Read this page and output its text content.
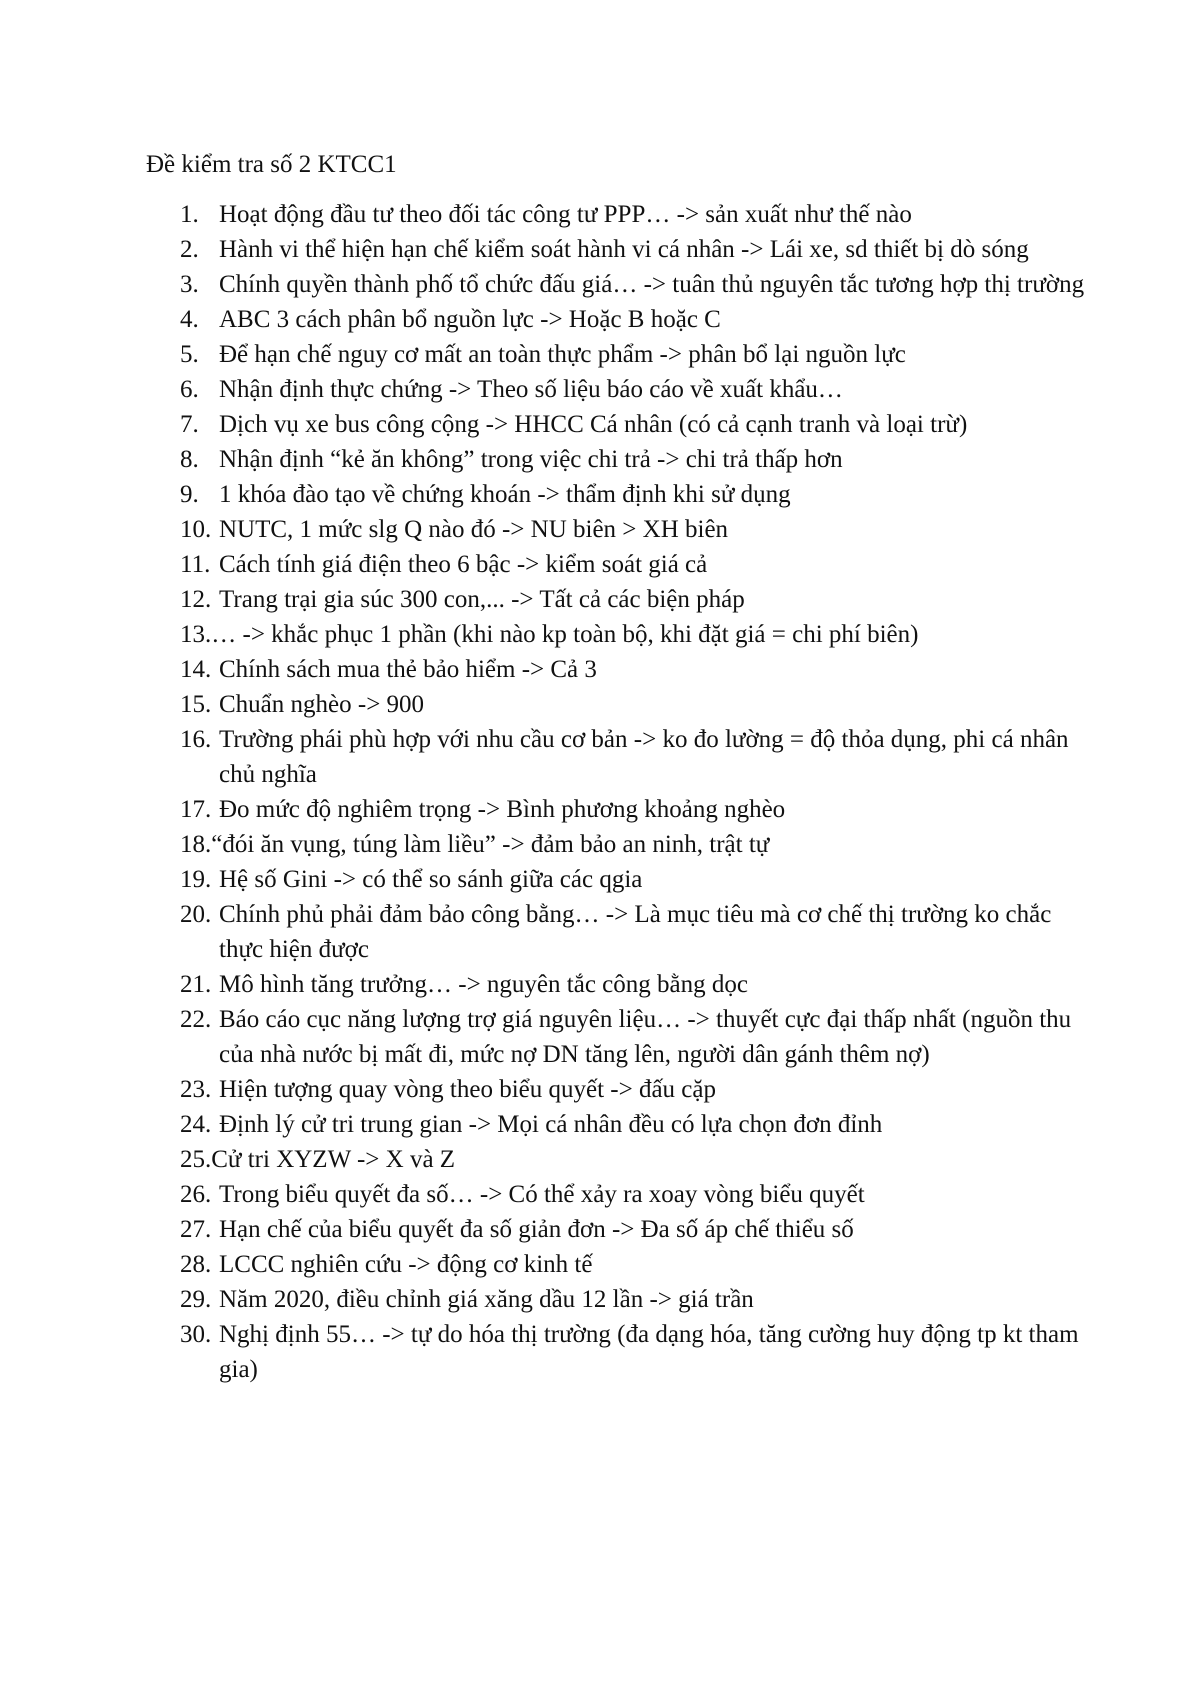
Đề kiểm tra số 2 KTCC1
1. Hoạt động đầu tư theo đối tác công tư PPP… -> sản xuất như thế nào
2. Hành vi thể hiện hạn chế kiểm soát hành vi cá nhân -> Lái xe, sd thiết bị dò sóng
3. Chính quyền thành phố tổ chức đấu giá… -> tuân thủ nguyên tắc tương hợp thị trường
4. ABC 3 cách phân bổ nguồn lực -> Hoặc B hoặc C
5. Để hạn chế nguy cơ mất an toàn thực phẩm -> phân bổ lại nguồn lực
6. Nhận định thực chứng -> Theo số liệu báo cáo về xuất khẩu…
7. Dịch vụ xe bus công cộng -> HHCC Cá nhân (có cả cạnh tranh và loại trừ)
8. Nhận định “kẻ ăn không” trong việc chi trả -> chi trả thấp hơn
9. 1 khóa đào tạo về chứng khoán -> thẩm định khi sử dụng
10. NUTC, 1 mức slg Q nào đó -> NU biên > XH biên
11. Cách tính giá điện theo 6 bậc -> kiểm soát giá cả
12. Trang trại gia súc 300 con,... -> Tất cả các biện pháp
13.… -> khắc phục 1 phần (khi nào kp toàn bộ, khi đặt giá = chi phí biên)
14. Chính sách mua thẻ bảo hiểm -> Cả 3
15. Chuẩn nghèo -> 900
16. Trường phái phù hợp với nhu cầu cơ bản -> ko đo lường = độ thỏa dụng, phi cá nhân chủ nghĩa
17. Đo mức độ nghiêm trọng -> Bình phương khoảng nghèo
18.“đói ăn vụng, túng làm liều” -> đảm bảo an ninh, trật tự
19. Hệ số Gini -> có thể so sánh giữa các qgia
20. Chính phủ phải đảm bảo công bằng… -> Là mục tiêu mà cơ chế thị trường ko chắc thực hiện được
21. Mô hình tăng trưởng… -> nguyên tắc công bằng dọc
22. Báo cáo cục năng lượng trợ giá nguyên liệu… -> thuyết cực đại thấp nhất (nguồn thu của nhà nước bị mất đi, mức nợ DN tăng lên, người dân gánh thêm nợ)
23. Hiện tượng quay vòng theo biểu quyết -> đấu cặp
24. Định lý cử tri trung gian -> Mọi cá nhân đều có lựa chọn đơn đỉnh
25.Cử tri XYZW -> X và Z
26. Trong biểu quyết đa số… -> Có thể xảy ra xoay vòng biểu quyết
27. Hạn chế của biểu quyết đa số giản đơn -> Đa số áp chế thiểu số
28. LCCC nghiên cứu -> động cơ kinh tế
29. Năm 2020, điều chỉnh giá xăng dầu 12 lần -> giá trần
30. Nghị định 55… -> tự do hóa thị trường (đa dạng hóa, tăng cường huy động tp kt tham gia)
